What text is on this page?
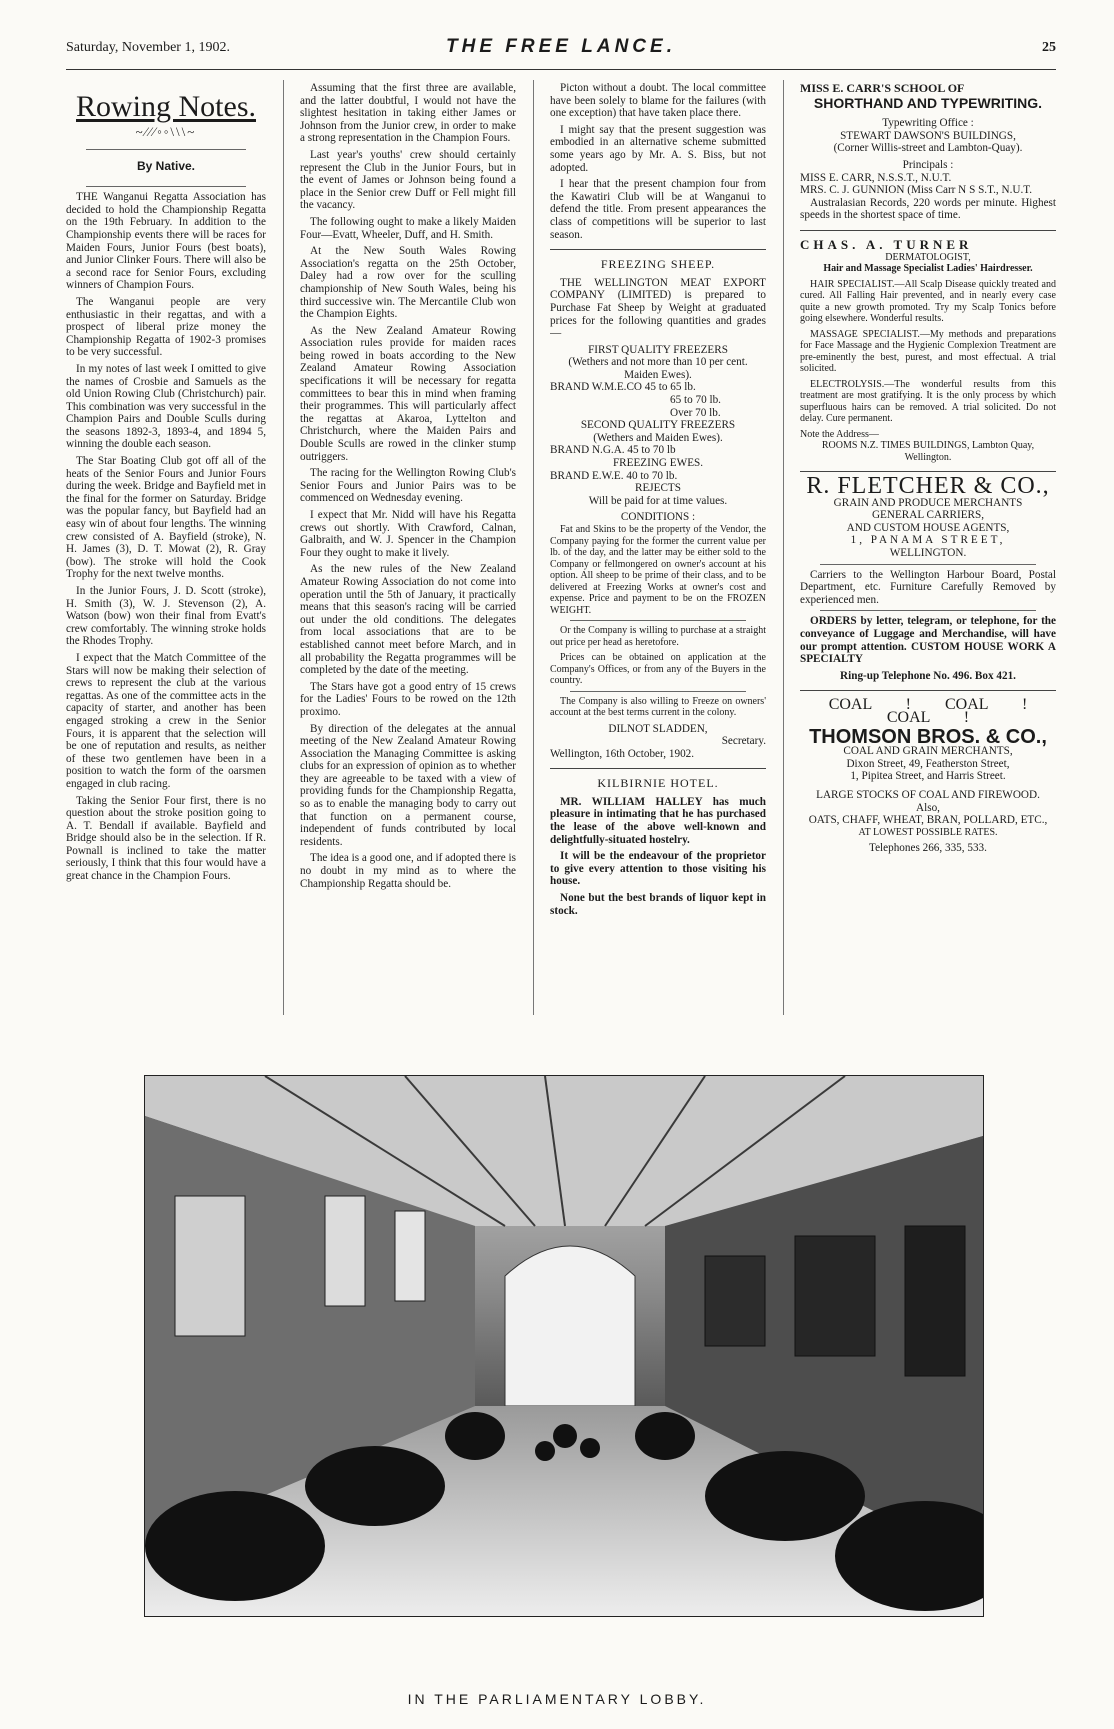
Saturday, November 1, 1902.	THE FREE LANCE.	25
Rowing Notes.
~⁄⁄⁄◦◦\\\~
By Native.

THE Wanganui Regatta Association has decided to hold the Championship Regatta on the 19th February. In addition to the Championship events there will be races for Maiden Fours, Junior Fours (best boats), and Junior Clinker Fours. There will also be a second race for Senior Fours, excluding winners of Champion Fours.

The Wanganui people are very enthusiastic in their regattas, and with a prospect of liberal prize money the Championship Regatta of 1902-3 promises to be very successful.

In my notes of last week I omitted to give the names of Crosbie and Samuels as the old Union Rowing Club (Christchurch) pair. This combination was very successful in the Champion Pairs and Double Sculls during the seasons 1892-3, 1893-4, and 1894 5, winning the double each season.

The Star Boating Club got off all of the heats of the Senior Fours and Junior Fours during the week. Bridge and Bayfield met in the final for the former on Saturday. Bridge was the popular fancy, but Bayfield had an easy win of about four lengths. The winning crew consisted of A. Bayfield (stroke), N. H. James (3), D. T. Mowat (2), R. Gray (bow). The stroke will hold the Cook Trophy for the next twelve months.

In the Junior Fours, J. D. Scott (stroke), H. Smith (3), W. J. Stevenson (2), A. Watson (bow) won their final from Evatt's crew comfortably. The winning stroke holds the Rhodes Trophy.

I expect that the Match Committee of the Stars will now be making their selection of crews to represent the club at the various regattas. As one of the committee acts in the capacity of starter, and another has been engaged stroking a crew in the Senior Fours, it is apparent that the selection will be one of reputation and results, as neither of these two gentlemen have been in a position to watch the form of the oarsmen engaged in club racing.

Taking the Senior Four first, there is no question about the stroke position going to A. T. Bendall if available. Bayfield and Bridge should also be in the selection. If R. Pownall is inclined to take the matter seriously, I think that this four would have a great chance in the Champion Fours.

Assuming that the first three are available, and the latter doubtful, I would not have the slightest hesitation in taking either James or Johnson from the Junior crew, in order to make a strong representation in the Champion Fours.

Last year's youths' crew should certainly represent the Club in the Junior Fours, but in the event of James or Johnson being found a place in the Senior crew Duff or Fell might fill the vacancy.

The following ought to make a likely Maiden Four—Evatt, Wheeler, Duff, and H. Smith.

At the New South Wales Rowing Association's regatta on the 25th October, Daley had a row over for the sculling championship of New South Wales, being his third successive win. The Mercantile Club won the Champion Eights.

As the New Zealand Amateur Rowing Association rules provide for maiden races being rowed in boats according to the New Zealand Amateur Rowing Association specifications it will be necessary for regatta committees to bear this in mind when framing their programmes. This will particularly affect the regattas at Akaroa, Lyttelton and Christchurch, where the Maiden Pairs and Double Sculls are rowed in the clinker stump outriggers.

The racing for the Wellington Rowing Club's Senior Fours and Junior Pairs was to be commenced on Wednesday evening.

I expect that Mr. Nidd will have his Regatta crews out shortly. With Crawford, Calnan, Galbraith, and W. J. Spencer in the Champion Four they ought to make it lively.

As the new rules of the New Zealand Amateur Rowing Association do not come into operation until the 5th of January, it practically means that this season's racing will be carried out under the old conditions. The delegates from local associations that are to be established cannot meet before March, and in all probability the Regatta programmes will be completed by the date of the meeting.

The Stars have got a good entry of 15 crews for the Ladies' Fours to be rowed on the 12th proximo.

By direction of the delegates at the annual meeting of the New Zealand Amateur Rowing Association the Managing Committee is asking clubs for an expression of opinion as to whether they are agreeable to be taxed with a view of providing funds for the Championship Regatta, so as to enable the managing body to carry out that function on a permanent course, independent of funds contributed by local residents.

The idea is a good one, and if adopted there is no doubt in my mind as to where the Championship Regatta should be.

Picton without a doubt. The local committee have been solely to blame for the failures (with one exception) that have taken place there.

I might say that the present suggestion was embodied in an alternative scheme submitted some years ago by Mr. A. S. Biss, but not adopted.

I hear that the present champion four from the Kawatiri Club will be at Wanganui to defend the title. From present appearances the class of competitions will be superior to last season.

FREEZING SHEEP.

THE WELLINGTON MEAT EXPORT COMPANY (LIMITED) is prepared to Purchase Fat Sheep by Weight at graduated prices for the following quantities and grades —

FIRST QUALITY FREEZERS
(Wethers and not more than 10 per cent. Maiden Ewes).
BRAND W.M.E.CO 45 to 65 lb.
65 to 70 lb.
Over 70 lb.
SECOND QUALITY FREEZERS
(Wethers and Maiden Ewes).
BRAND N.G.A. 45 to 70 lb
FREEZING EWES.
BRAND E.W.E. 40 to 70 lb.
REJECTS
Will be paid for at time values.
CONDITIONS :

Fat and Skins to be the property of the Vendor, the Company paying for the former the current value per lb. of the day, and the latter may be either sold to the Company or fellmongered on owner's account at his option. All sheep to be prime of their class, and to be delivered at Freezing Works at owner's cost and expense. Price and payment to be on the FROZEN WEIGHT.

Or the Company is willing to purchase at a straight out price per head as heretofore.

Prices can be obtained on application at the Company's Offices, or from any of the Buyers in the country.

The Company is also willing to Freeze on owners' account at the best terms current in the colony.

DILNOT SLADDEN,
Secretary.
Wellington, 16th October, 1902.
KILBIRNIE HOTEL.

MR. WILLIAM HALLEY has much pleasure in intimating that he has purchased the lease of the above well-known and delightfully-situated hostelry.

It will be the endeavour of the proprietor to give every attention to those visiting his house.

None but the best brands of liquor kept in stock.

MISS E. CARR'S SCHOOL OF
SHORTHAND AND TYPEWRITING.
Typewriting Office :
STEWART DAWSON'S BUILDINGS,
(Corner Willis-street and Lambton-Quay).
Principals :
MISS E. CARR, N.S.S.T., N.U.T.
MRS. C. J. GUNNION (Miss Carr N S S.T., N.U.T.

Australasian Records, 220 words per minute. Highest speeds in the shortest space of time.

CHAS. A. TURNER
DERMATOLOGIST,
Hair and Massage Specialist Ladies' Hairdresser.

HAIR SPECIALIST.—All Scalp Disease quickly treated and cured. All Falling Hair prevented, and in nearly every case quite a new growth promoted. Try my Scalp Tonics before going elsewhere. Wonderful results.

MASSAGE SPECIALIST.—My methods and preparations for Face Massage and the Hygienic Complexion Treatment are pre-eminently the best, purest, and most effectual. A trial solicited.

ELECTROLYSIS.—The wonderful results from this treatment are most gratifying. It is the only process by which superfluous hairs can be removed. A trial solicited. Do not delay. Cure permanent.

Note the Address—
ROOMS N.Z. TIMES BUILDINGS, Lambton Quay, Wellington.
R. FLETCHER & CO.,
GRAIN AND PRODUCE MERCHANTS
GENERAL CARRIERS,
AND CUSTOM HOUSE AGENTS,
1, PANAMA STREET,
WELLINGTON.

Carriers to the Wellington Harbour Board, Postal Department, etc. Furniture Carefully Removed by experienced men.

ORDERS by letter, telegram, or telephone, for the conveyance of Luggage and Merchandise, will have our prompt attention. CUSTOM HOUSE WORK A SPECIALTY

Ring-up Telephone No. 496. Box 421.
COAL ! COAL ! COAL !
THOMSON BROS. & CO.,
COAL AND GRAIN MERCHANTS,
Dixon Street, 49, Featherston Street,
1, Pipitea Street, and Harris Street.
LARGE STOCKS OF COAL AND FIREWOOD.
Also,
OATS, CHAFF, WHEAT, BRAN, POLLARD, ETC.,
AT LOWEST POSSIBLE RATES.
Telephones 266, 335, 533.
IN THE PARLIAMENTARY LOBBY.
